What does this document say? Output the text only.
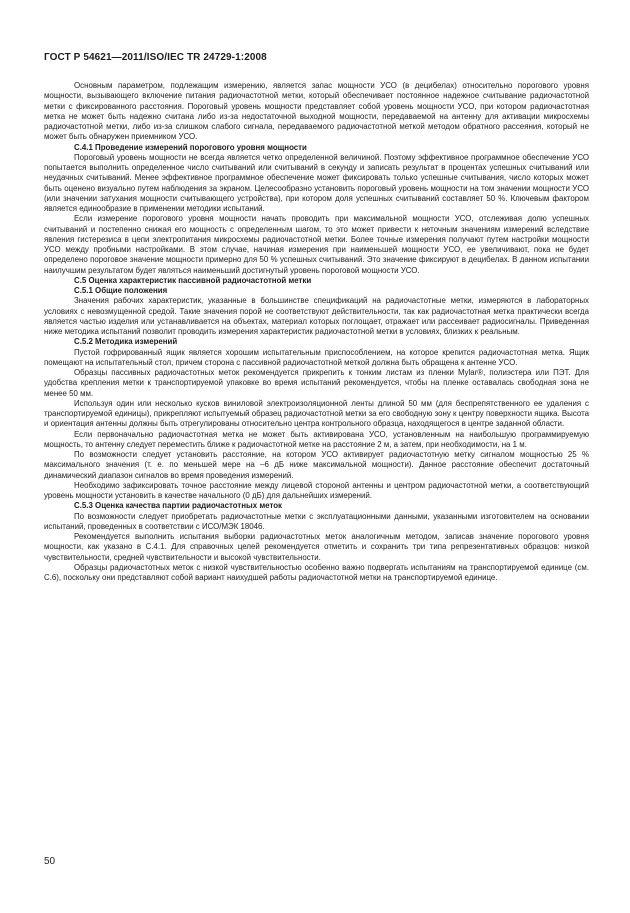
ГОСТ Р 54621—2011/ISO/IEC TR 24729-1:2008

Основным параметром, подлежащим измерению, является запас мощности УСО (в децибелах) относительно порогового уровня мощности, вызывающего включение питания радиочастотной метки, который обеспечивает постоянное надежное считывание радиочастотной метки с фиксированного расстояния. Пороговый уровень мощности представляет собой уровень мощности УСО, при котором радиочастотная метка не может быть надежно считана либо из-за недостаточной выходной мощности, передаваемой на антенну для активации микросхемы радиочастотной метки, либо из-за слишком слабого сигнала, передаваемого радиочастотной меткой методом обратного рассеяния, который не может быть обнаружен приемником УСО.

С.4.1 Проведение измерений порогового уровня мощности

Пороговый уровень мощности не всегда является четко определенной величиной. Поэтому эффективное программное обеспечение УСО попытается выполнить определенное число считываний или считываний в секунду и записать результат в процентах успешных считываний или неудачных считываний. Менее эффективное программное обеспечение может фиксировать только успешные считывания, число которых может быть оценено визуально путем наблюдения за экраном. Целесообразно установить пороговый уровень мощности на том значении мощности УСО (или значении затухания мощности считывающего устройства), при котором доля успешных считываний составляет 50 %. Ключевым фактором является единообразие в применении методики испытаний.

Если измерение порогового уровня мощности начать проводить при максимальной мощности УСО, отслеживая долю успешных считываний и постепенно снижая его мощность с определенным шагом, то это может привести к неточным значениям измерений вследствие явления гистерезиса в цепи электропитания микросхемы радиочастотной метки. Более точные измерения получают путем настройки мощности УСО между пробными настройками. В этом случае, начиная измерения при наименьшей мощности УСО, ее увеличивают, пока не будет определено пороговое значение мощности примерно для 50 % успешных считываний. Это значение фиксируют в децибелах. В данном испытании наилучшим результатом будет являться наименьший достигнутый уровень пороговой мощности УСО.

С.5 Оценка характеристик пассивной радиочастотной метки
С.5.1 Общие положения

Значения рабочих характеристик, указанные в большинстве спецификаций на радиочастотные метки, измеряются в лабораторных условиях с невозмущенной средой. Такие значения порой не соответствуют действительности, так как радиочастотная метка практически всегда является частью изделия или устанавливается на объектах, материал которых поглощает, отражает или рассеивает радиосигналы. Приведенная ниже методика испытаний позволит проводить измерения характеристик радиочастотной метки в условиях, близких к реальным.

С.5.2 Методика измерений

Пустой гофрированный ящик является хорошим испытательным приспособлением, на которое крепится радиочастотная метка. Ящик помещают на испытательный стол, причем сторона с пассивной радиочастотной меткой должна быть обращена к антенне УСО.

Образцы пассивных радиочастотных меток рекомендуется прикрепить к тонким листам из пленки Mylar®, полиэстера или ПЭТ. Для удобства крепления метки к транспортируемой упаковке во время испытаний рекомендуется, чтобы на пленке оставалась свободная зона не менее 50 мм.

Используя один или несколько кусков виниловой электроизоляционной ленты длиной 50 мм (для беспрепятственного ее удаления с транспортируемой единицы), прикрепляют испытуемый образец радиочастотной метки за его свободную зону к центру поверхности ящика. Высота и ориентация антенны должны быть отрегулированы относительно центра контрольного образца, находящегося в центре заданной области.

Если первоначально радиочастотная метка не может быть активирована УСО, установленным на наибольшую программируемую мощность, то антенну следует переместить ближе к радиочастотной метке на расстояние 2 м, а затем, при необходимости, на 1 м.

По возможности следует установить расстояние, на котором УСО активирует радиочастотную метку сигналом мощностью 25 % максимального значения (т. е. по меньшей мере на –6 дБ ниже максимальной мощности). Данное расстояние обеспечит достаточный динамический диапазон сигналов во время проведения измерений.

Необходимо зафиксировать точное расстояние между лицевой стороной антенны и центром радиочастотной метки, а соответствующий уровень мощности установить в качестве начального (0 дБ) для дальнейших измерений.

С.5.3 Оценка качества партии радиочастотных меток

По возможности следует приобретать радиочастотные метки с эксплуатационными данными, указанными изготовителем на основании испытаний, проведенных в соответствии с ИСО/МЭК 18046.

Рекомендуется выполнить испытания выборки радиочастотных меток аналогичным методом, записав значение порогового уровня мощности, как указано в С.4.1. Для справочных целей рекомендуется отметить и сохранить три типа репрезентативных образцов: низкой чувствительности, средней чувствительности и высокой чувствительности.

Образцы радиочастотных меток с низкой чувствительностью особенно важно подвергать испытаниям на транспортируемой единице (см. С.6), поскольку они представляют собой вариант наихудшей работы радиочастотной метки на транспортируемой единице.

50
